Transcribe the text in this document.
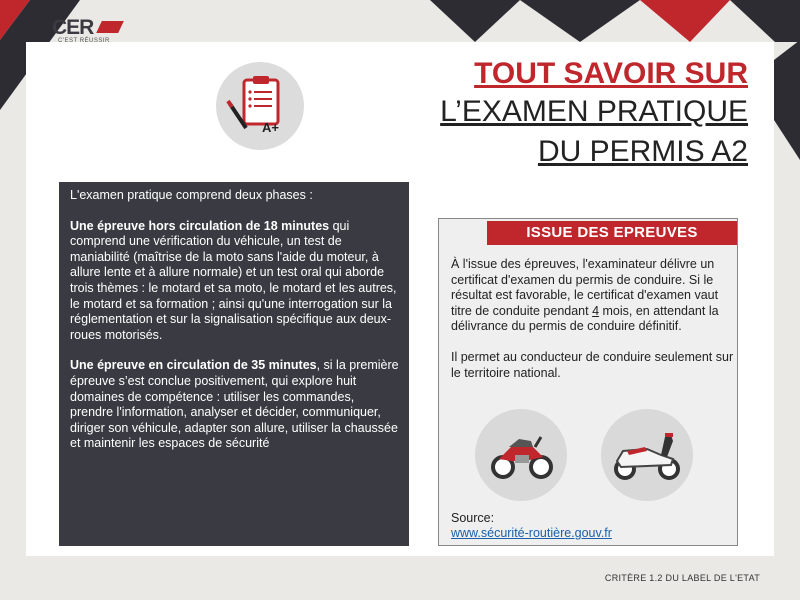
CER
C'EST RÉUSSIR
A+
TOUT SAVOIR SUR
L’EXAMEN PRATIQUE
DU PERMIS A2

L'examen pratique comprend deux phases :

Une épreuve hors circulation de 18 minutes qui comprend une vérification du véhicule, un test de maniabilité (maîtrise de la moto sans l'aide du moteur, à allure lente et à allure normale) et un test oral qui aborde trois thèmes : le motard et sa moto, le motard et les autres, le motard et sa formation ; ainsi qu'une interrogation sur la réglementation et sur la signalisation spécifique aux deux-roues motorisés.

Une épreuve en circulation de 35 minutes, si la première épreuve s’est conclue positivement, qui explore huit domaines de compétence : utiliser les commandes, prendre l'information, analyser et décider, communiquer, diriger son véhicule, adapter son allure, utiliser la chaussée et maintenir les espaces de sécurité

ISSUE DES EPREUVES

À l'issue des épreuves, l'examinateur délivre un certificat d'examen du permis de conduire. Si le résultat est favorable, le certificat d'examen vaut titre de conduite pendant 4 mois, en attendant la délivrance du permis de conduire définitif.

Il permet au conducteur de conduire seulement sur le territoire national.

Source:
www.sécurité-routière.gouv.fr
CRITÈRE 1.2 DU LABEL DE L'ETAT
